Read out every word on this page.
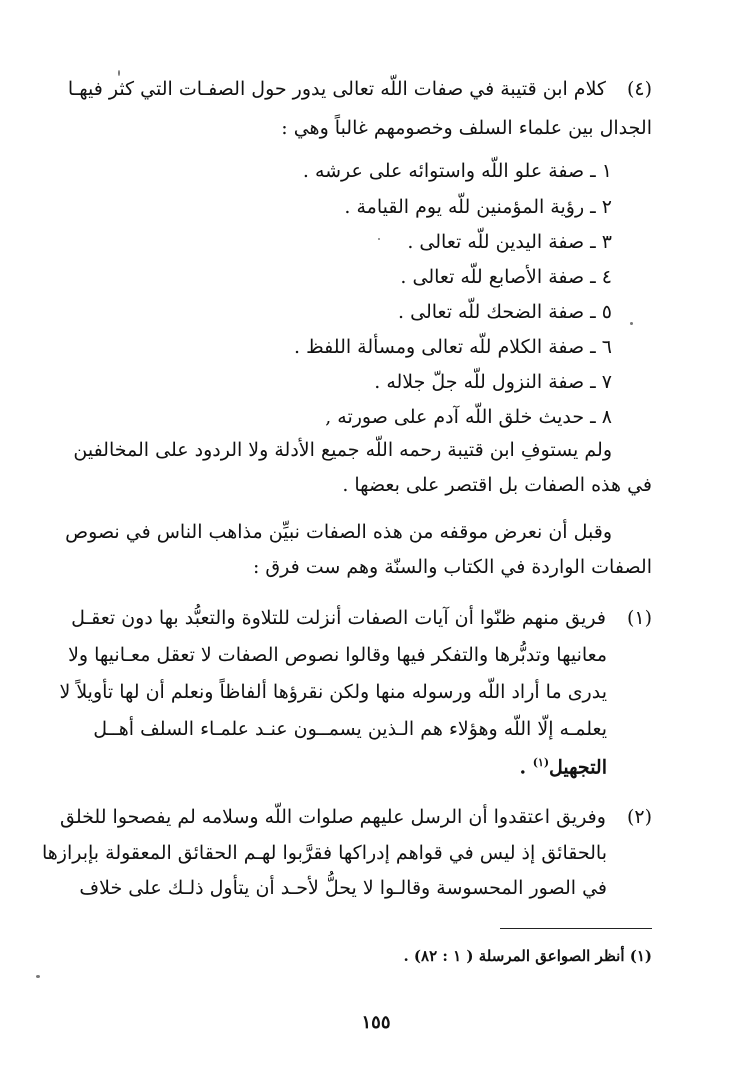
(٤) كلام ابن قتيبة في صفات اللّه تعالى يدور حول الصفـات التي كثر فيهـا
الجدال بين علماء السلف وخصومهم غالباً وهي :
١ ـ صفة علو اللّه واستوائه على عرشه .
٢ ـ رؤية المؤمنين للّه يوم القيامة .
٣ ـ صفة اليدين للّه تعالى .
٤ ـ صفة الأصابع للّه تعالى .
٥ ـ صفة الضحك للّه تعالى .
٦ ـ صفة الكلام للّه تعالى ومسألة اللفظ .
٧ ـ صفة النزول للّه جلّ جلاله .
٨ ـ حديث خلق اللّه آدم على صورته ,
ولم يستوفِ ابن قتيبة رحمه اللّه جميع الأدلة ولا الردود على المخالفين
في هذه الصفات بل اقتصر على بعضها .
وقبل أن نعرض موقفه من هذه الصفات نبيِّن مذاهب الناس في نصوص
الصفات الواردة في الكتاب والسنّة وهم ست فرق :
(١) فريق منهم ظنّوا أن آيات الصفات أنزلت للتلاوة والتعبُّد بها دون تعقـل
معانيها وتدبُّرها والتفكر فيها وقالوا نصوص الصفات لا تعقل معـانيها ولا
يدرى ما أراد اللّه ورسوله منها ولكن نقرؤها ألفاظاً ونعلم أن لها تأويلاً لا
يعلمـه إلّا اللّه وهؤلاء هم الـذين يسمــون عنـد علمـاء السلف أهــل
التجهيل$^{(١)}$ .
(٢) وفريق اعتقدوا أن الرسل عليهم صلوات اللّه وسلامه لم يفصحوا للخلق
بالحقائق إذ ليس في قواهم إدراكها فقرَّبوا لهـم الحقائق المعقولة بإبرازها
في الصور المحسوسة وقالـوا لا يحلُّ لأحـد أن يتأول ذلـك على خلاف
(١) أنظر الصواعق المرسلة ( ١ : ٨٢) .
١٥٥
